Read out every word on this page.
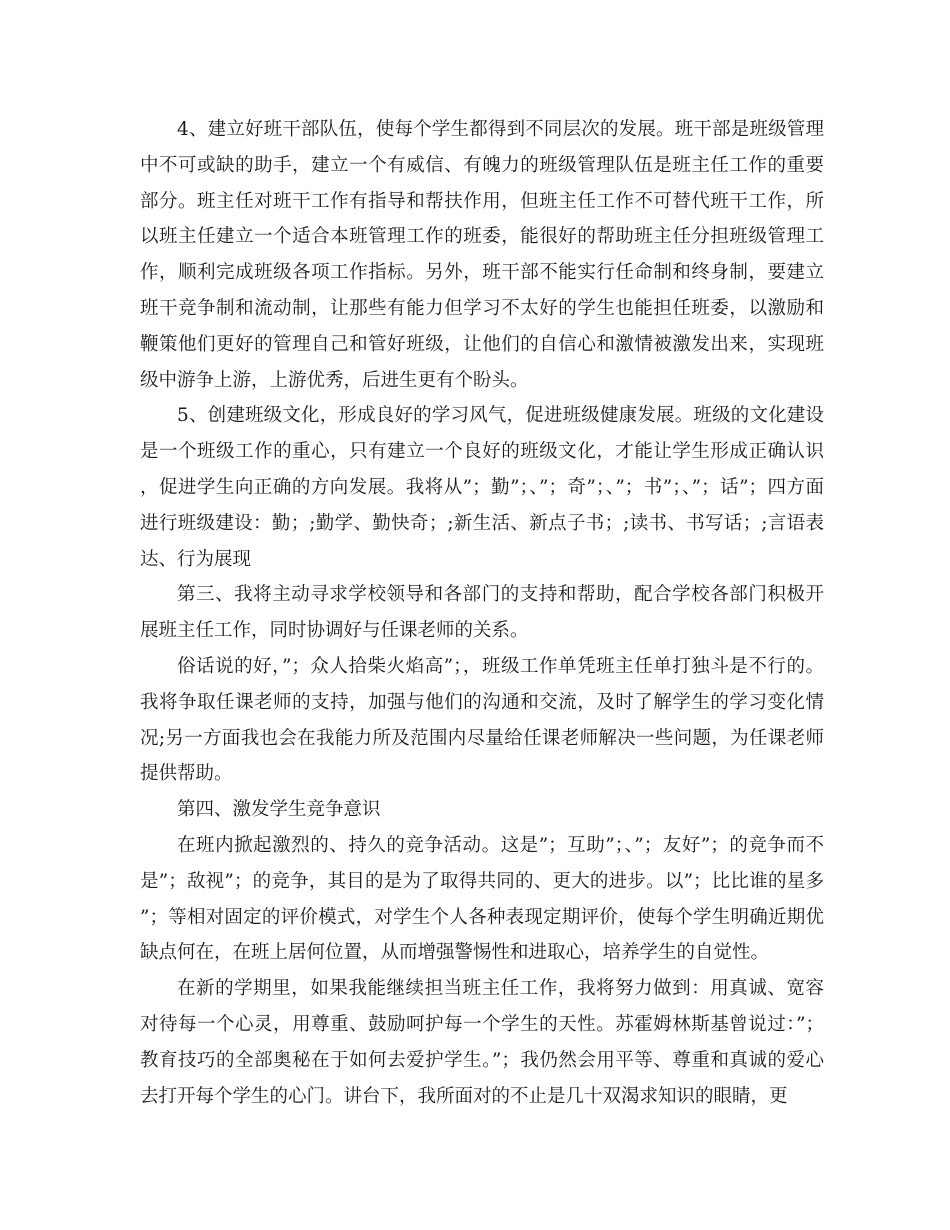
4、建立好班干部队伍，使每个学生都得到不同层次的发展。班干部是班级管理中不可或缺的助手，建立一个有威信、有魄力的班级管理队伍是班主任工作的重要部分。班主任对班干工作有指导和帮扶作用，但班主任工作不可替代班干工作，所以班主任建立一个适合本班管理工作的班委，能很好的帮助班主任分担班级管理工作，顺利完成班级各项工作指标。另外，班干部不能实行任命制和终身制，要建立班干竞争制和流动制，让那些有能力但学习不太好的学生也能担任班委，以激励和鞭策他们更好的管理自己和管好班级，让他们的自信心和激情被激发出来，实现班级中游争上游，上游优秀，后进生更有个盼头。

5、创建班级文化，形成良好的学习风气，促进班级健康发展。班级的文化建设是一个班级工作的重心，只有建立一个良好的班级文化，才能让学生形成正确认识，促进学生向正确的方向发展。我将从”；勤”；、”；奇”；、”；书”；、”；话”；四方面进行班级建设：勤；;勤学、勤快奇；;新生活、新点子书；;读书、书写话；;言语表达、行为展现

第三、我将主动寻求学校领导和各部门的支持和帮助，配合学校各部门积极开展班主任工作，同时协调好与任课老师的关系。

俗话说的好，”；众人拾柴火焰高”；，班级工作单凭班主任单打独斗是不行的。我将争取任课老师的支持，加强与他们的沟通和交流，及时了解学生的学习变化情况;另一方面我也会在我能力所及范围内尽量给任课老师解决一些问题，为任课老师提供帮助。

第四、激发学生竞争意识

在班内掀起激烈的、持久的竞争活动。这是”；互助”；、”；友好”；的竞争而不是”；敌视”；的竞争，其目的是为了取得共同的、更大的进步。以”；比比谁的星多”；等相对固定的评价模式，对学生个人各种表现定期评价，使每个学生明确近期优缺点何在，在班上居何位置，从而增强警惕性和进取心，培养学生的自觉性。

在新的学期里，如果我能继续担当班主任工作，我将努力做到：用真诚、宽容对待每一个心灵，用尊重、鼓励呵护每一个学生的天性。苏霍姆林斯基曾说过：”；教育技巧的全部奥秘在于如何去爱护学生。”；我仍然会用平等、尊重和真诚的爱心去打开每个学生的心门。讲台下，我所面对的不止是几十双渴求知识的眼睛，更
